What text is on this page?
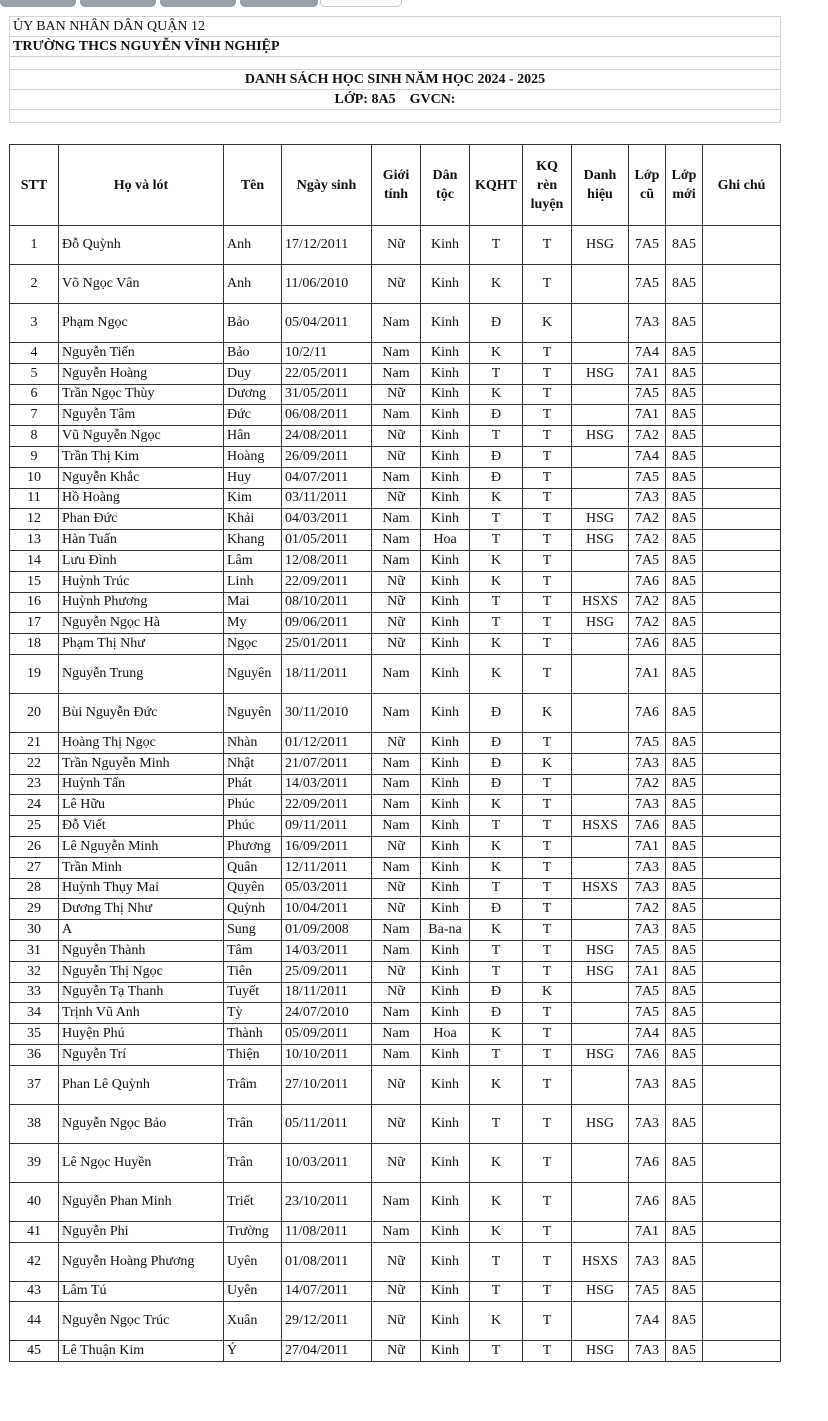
ỦY BAN NHÂN DÂN QUẬN 12
TRƯỜNG THCS NGUYỄN VĨNH NGHIỆP

DANH SÁCH HỌC SINH NĂM HỌC 2024 - 2025
LỚP: 8A5    GVCN:

STT	Họ và lót	Tên	Ngày sinh	Giới tính	Dân tộc	KQHT	KQ rèn luyện	Danh hiệu	Lớp cũ	Lớp mới	Ghi chú
1	Đỗ Quỳnh	Anh	17/12/2011	Nữ	Kinh	T	T	HSG	7A5	8A5	
2	Võ Ngọc Vân	Anh	11/06/2010	Nữ	Kinh	K	T		7A5	8A5	
3	Phạm Ngọc	Bảo	05/04/2011	Nam	Kinh	Đ	K		7A3	8A5	
4	Nguyễn Tiến	Bảo	10/2/11	Nam	Kinh	K	T		7A4	8A5	
5	Nguyễn Hoàng	Duy	22/05/2011	Nam	Kinh	T	T	HSG	7A1	8A5	
6	Trần Ngọc Thùy	Dương	31/05/2011	Nữ	Kinh	K	T		7A5	8A5	
7	Nguyễn Tâm	Đức	06/08/2011	Nam	Kinh	Đ	T		7A1	8A5	
8	Vũ Nguyễn Ngọc	Hân	24/08/2011	Nữ	Kinh	T	T	HSG	7A2	8A5	
9	Trần Thị Kim	Hoàng	26/09/2011	Nữ	Kinh	Đ	T		7A4	8A5	
10	Nguyễn Khắc	Huy	04/07/2011	Nam	Kinh	Đ	T		7A5	8A5	
11	Hồ Hoàng	Kim	03/11/2011	Nữ	Kinh	K	T		7A3	8A5	
12	Phan Đức	Khải	04/03/2011	Nam	Kinh	T	T	HSG	7A2	8A5	
13	Hàn Tuấn	Khang	01/05/2011	Nam	Hoa	T	T	HSG	7A2	8A5	
14	Lưu Đình	Lâm	12/08/2011	Nam	Kinh	K	T		7A5	8A5	
15	Huỳnh Trúc	Linh	22/09/2011	Nữ	Kinh	K	T		7A6	8A5	
16	Huỳnh Phương	Mai	08/10/2011	Nữ	Kinh	T	T	HSXS	7A2	8A5	
17	Nguyễn Ngọc Hà	My	09/06/2011	Nữ	Kinh	T	T	HSG	7A2	8A5	
18	Phạm Thị Như	Ngọc	25/01/2011	Nữ	Kinh	K	T		7A6	8A5	
19	Nguyễn Trung	Nguyên	18/11/2011	Nam	Kinh	K	T		7A1	8A5	
20	Bùi Nguyễn Đức	Nguyên	30/11/2010	Nam	Kinh	Đ	K		7A6	8A5	
21	Hoàng Thị Ngọc	Nhàn	01/12/2011	Nữ	Kinh	Đ	T		7A5	8A5	
22	Trần Nguyễn Minh	Nhật	21/07/2011	Nam	Kinh	Đ	K		7A3	8A5	
23	Huỳnh Tấn	Phát	14/03/2011	Nam	Kinh	Đ	T		7A2	8A5	
24	Lê Hữu	Phúc	22/09/2011	Nam	Kinh	K	T		7A3	8A5	
25	Đỗ Viết	Phúc	09/11/2011	Nam	Kinh	T	T	HSXS	7A6	8A5	
26	Lê Nguyễn Minh	Phương	16/09/2011	Nữ	Kinh	K	T		7A1	8A5	
27	Trần Minh	Quân	12/11/2011	Nam	Kinh	K	T		7A3	8A5	
28	Huỳnh Thụy Mai	Quyên	05/03/2011	Nữ	Kinh	T	T	HSXS	7A3	8A5	
29	Dương Thị Như	Quỳnh	10/04/2011	Nữ	Kinh	Đ	T		7A2	8A5	
30	A	Sung	01/09/2008	Nam	Ba-na	K	T		7A3	8A5	
31	Nguyễn Thành	Tâm	14/03/2011	Nam	Kinh	T	T	HSG	7A5	8A5	
32	Nguyễn Thị Ngọc	Tiên	25/09/2011	Nữ	Kinh	T	T	HSG	7A1	8A5	
33	Nguyễn Tạ Thanh	Tuyết	18/11/2011	Nữ	Kinh	Đ	K		7A5	8A5	
34	Trịnh Vũ Anh	Tỳ	24/07/2010	Nam	Kinh	Đ	T		7A5	8A5	
35	Huyện Phú	Thành	05/09/2011	Nam	Hoa	K	T		7A4	8A5	
36	Nguyễn Trí	Thiện	10/10/2011	Nam	Kinh	T	T	HSG	7A6	8A5	
37	Phan Lê Quỳnh	Trâm	27/10/2011	Nữ	Kinh	K	T		7A3	8A5	
38	Nguyễn Ngọc Bảo	Trân	05/11/2011	Nữ	Kinh	T	T	HSG	7A3	8A5	
39	Lê Ngọc Huyền	Trân	10/03/2011	Nữ	Kinh	K	T		7A6	8A5	
40	Nguyễn Phan Minh	Triết	23/10/2011	Nam	Kinh	K	T		7A6	8A5	
41	Nguyễn Phi	Trường	11/08/2011	Nam	Kinh	K	T		7A1	8A5	
42	Nguyễn Hoàng Phương	Uyên	01/08/2011	Nữ	Kinh	T	T	HSXS	7A3	8A5	
43	Lâm Tú	Uyên	14/07/2011	Nữ	Kinh	T	T	HSG	7A5	8A5	
44	Nguyễn Ngọc Trúc	Xuân	29/12/2011	Nữ	Kinh	K	T		7A4	8A5	
45	Lê Thuận Kim	Ý	27/04/2011	Nữ	Kinh	T	T	HSG	7A3	8A5	
